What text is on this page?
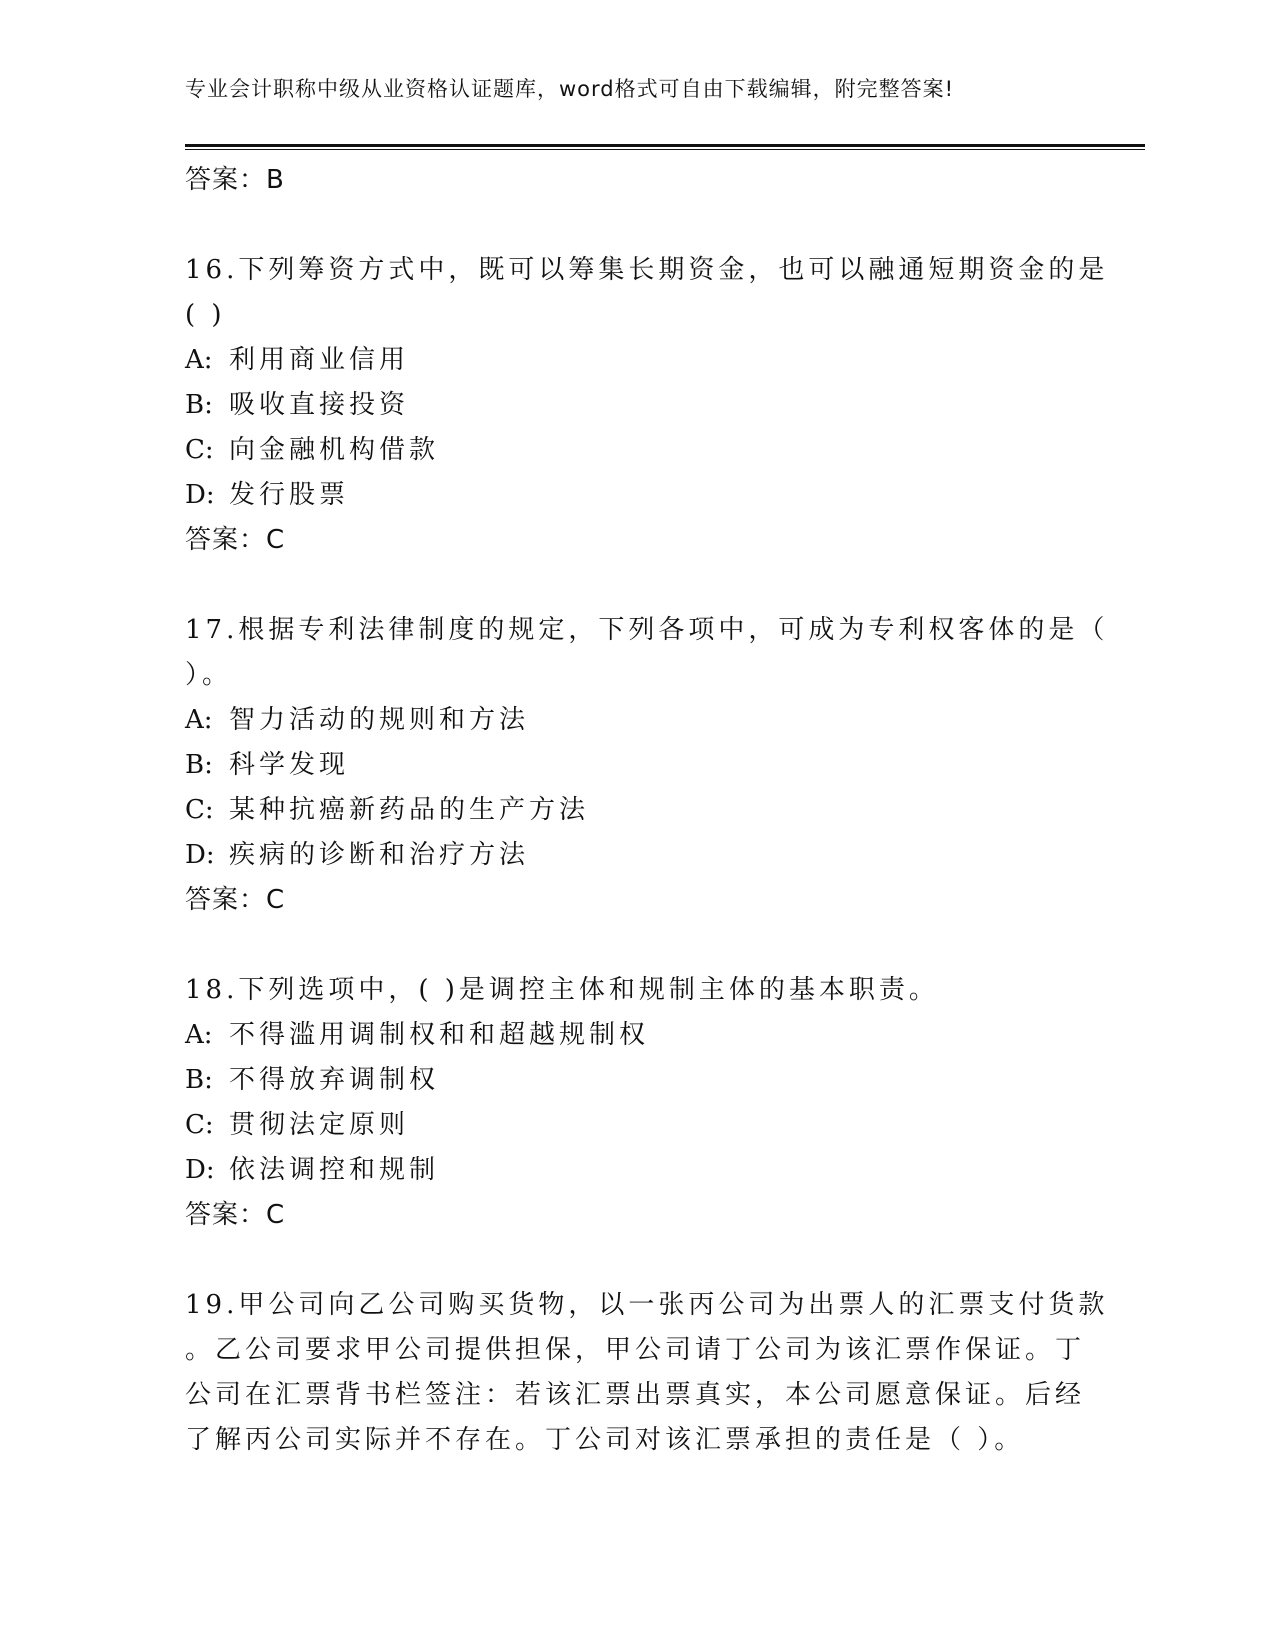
专业会计职称中级从业资格认证题库，word格式可自由下载编辑，附完整答案!
答案：B
16.下列筹资方式中，既可以筹集长期资金，也可以融通短期资金的是
( )
A: 利用商业信用
B: 吸收直接投资
C: 向金融机构借款
D: 发行股票
答案：C
17.根据专利法律制度的规定，下列各项中，可成为专利权客体的是（
）。
A: 智力活动的规则和方法
B: 科学发现
C: 某种抗癌新药品的生产方法
D: 疾病的诊断和治疗方法
答案：C
18.下列选项中，( )是调控主体和规制主体的基本职责。
A: 不得滥用调制权和和超越规制权
B: 不得放弃调制权
C: 贯彻法定原则
D: 依法调控和规制
答案：C
19.甲公司向乙公司购买货物，以一张丙公司为出票人的汇票支付货款
。乙公司要求甲公司提供担保，甲公司请丁公司为该汇票作保证。丁
公司在汇票背书栏签注：若该汇票出票真实，本公司愿意保证。后经
了解丙公司实际并不存在。丁公司对该汇票承担的责任是（ ）。
